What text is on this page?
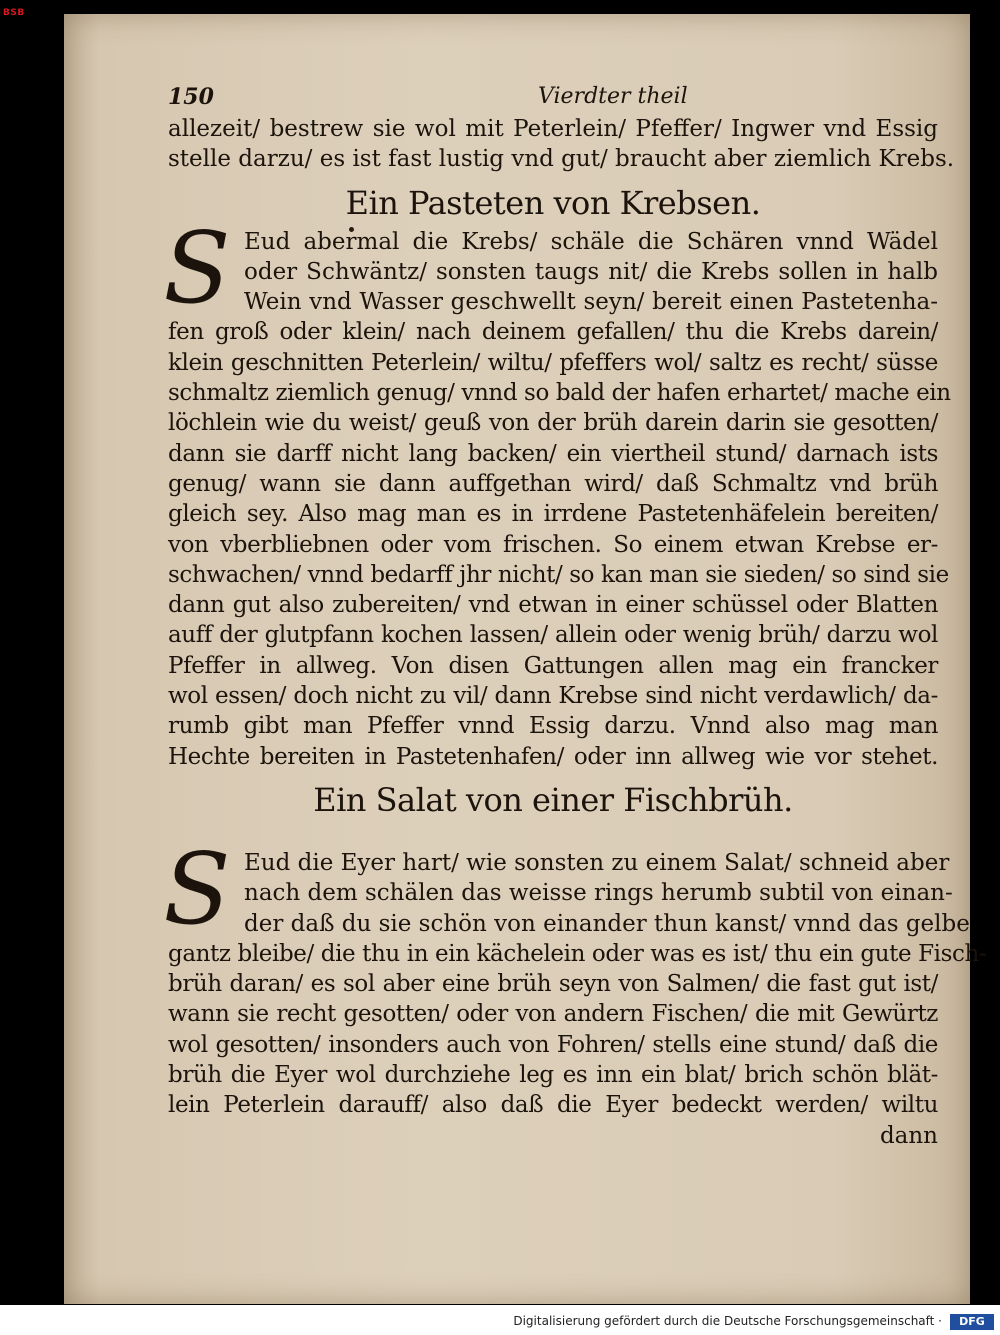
BSB
150	Vierdter theil
allezeit/ bestrew sie wol mit Peterlein/ Pfeffer/ Ingwer vnd Essig
stelle darzu/ es ist fast lustig vnd gut/ braucht aber ziemlich Krebs.
Ein Pasteten von Krebsen.
S Eud abermal die Krebs/ schäle die Schären vnnd Wädel
oder Schwäntz/ sonsten taugs nit/ die Krebs sollen in halb
Wein vnd Wasser geschwellt seyn/ bereit einen Pastetenha-
fen groß oder klein/ nach deinem gefallen/ thu die Krebs darein/
klein geschnitten Peterlein/ wiltu/ pfeffers wol/ saltz es recht/ süsse
schmaltz ziemlich genug/ vnnd so bald der hafen erhartet/ mache ein
löchlein wie du weist/ geuß von der brüh darein darin sie gesotten/
dann sie darff nicht lang backen/ ein viertheil stund/ darnach ists
genug/ wann sie dann auffgethan wird/ daß Schmaltz vnd brüh
gleich sey. Also mag man es in irrdene Pastetenhäfelein bereiten/
von vberbliebnen oder vom frischen. So einem etwan Krebse er-
schwachen/ vnnd bedarff jhr nicht/ so kan man sie sieden/ so sind sie
dann gut also zubereiten/ vnd etwan in einer schüssel oder Blatten
auff der glutpfann kochen lassen/ allein oder wenig brüh/ darzu wol
Pfeffer in allweg. Von disen Gattungen allen mag ein francker
wol essen/ doch nicht zu vil/ dann Krebse sind nicht verdawlich/ da-
rumb gibt man Pfeffer vnnd Essig darzu. Vnnd also mag man
Hechte bereiten in Pastetenhafen/ oder inn allweg wie vor stehet.
Ein Salat von einer Fischbrüh.
S Eud die Eyer hart/ wie sonsten zu einem Salat/ schneid aber
nach dem schälen das weisse rings herumb subtil von einan-
der daß du sie schön von einander thun kanst/ vnnd das gelbe
gantz bleibe/ die thu in ein kächelein oder was es ist/ thu ein gute Fisch-
brüh daran/ es sol aber eine brüh seyn von Salmen/ die fast gut ist/
wann sie recht gesotten/ oder von andern Fischen/ die mit Gewürtz
wol gesotten/ insonders auch von Fohren/ stells eine stund/ daß die
brüh die Eyer wol durchziehe leg es inn ein blat/ brich schön blät-
lein Peterlein darauff/ also daß die Eyer bedeckt werden/ wiltu
dann
Digitalisierung gefördert durch die Deutsche Forschungsgemeinschaft ·	DFG
